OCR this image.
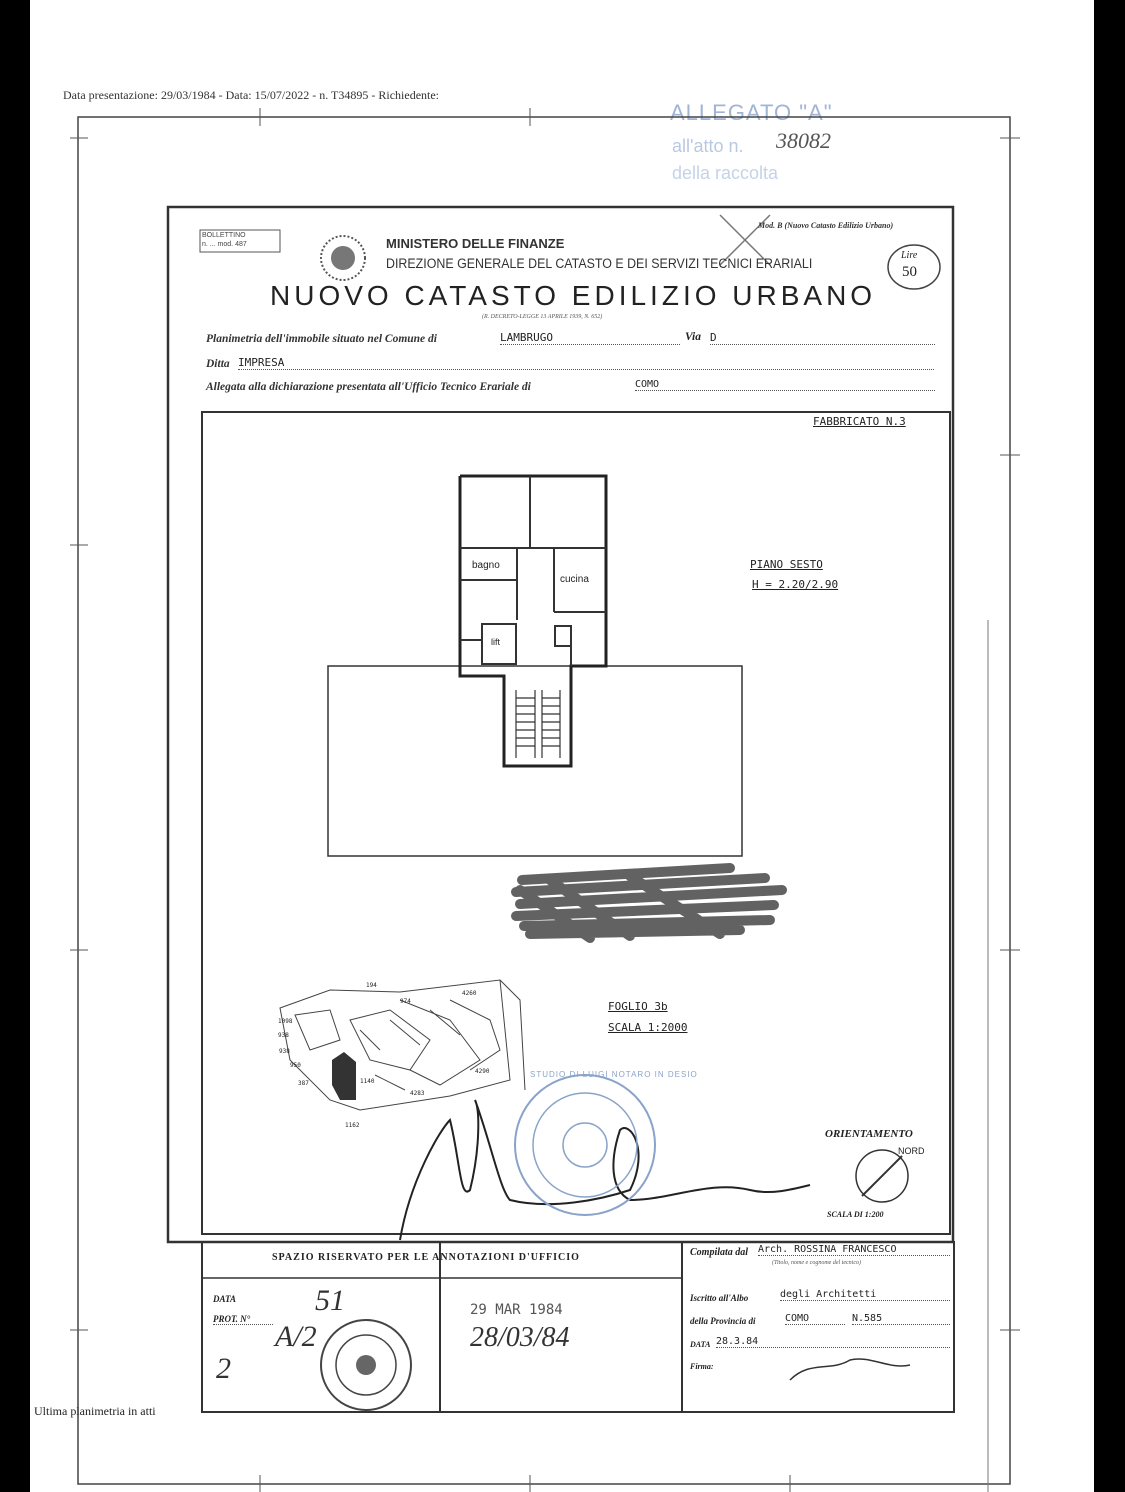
Data presentazione: 29/03/1984 - Data: 15/07/2022 - n. T34895 - Richiedente:
ALLEGATO "A"
all'atto n. 38082
della raccolta
BOLLETTINO
n. ... mod. 487
Mod. B (Nuovo Catasto Edilizio Urbano)
MINISTERO DELLE FINANZE
DIREZIONE GENERALE DEL CATASTO E DEI SERVIZI TECNICI ERARIALI
Lire
50
NUOVO CATASTO EDILIZIO URBANO
(R. DECRETO-LEGGE 13 APRILE 1939, N. 652)
Planimetria dell'immobile situato nel Comune di	LAMBRUGO	Via D
Ditta IMPRESA
Allegata alla dichiarazione presentata all'Ufficio Tecnico Erariale di	COMO
FABBRICATO N.3
PIANO SESTO
H = 2.20/2.90
bagno
cucina
lift
FOGLIO 3b
SCALA 1:2000
194
974
4260
1098
938
387	1140
4290
4283
1162
938
950
ORIENTAMENTO
NORD
SCALA DI 1:200
STUDIO DI LUIGI NOTARO IN DESIO
SPAZIO RISERVATO PER LE ANNOTAZIONI D'UFFICIO
DATA
PROT. N°
51
A/2
2
29 MAR 1984
28/03/84
Compilata dal Arch. ROSSINA FRANCESCO
(Titolo, nome e cognome del tecnico)
Iscritto all'Albo	degli Architetti
della Provincia di	COMO	N.585
DATA 28.3.84
Firma:
Ultima planimetria in atti
